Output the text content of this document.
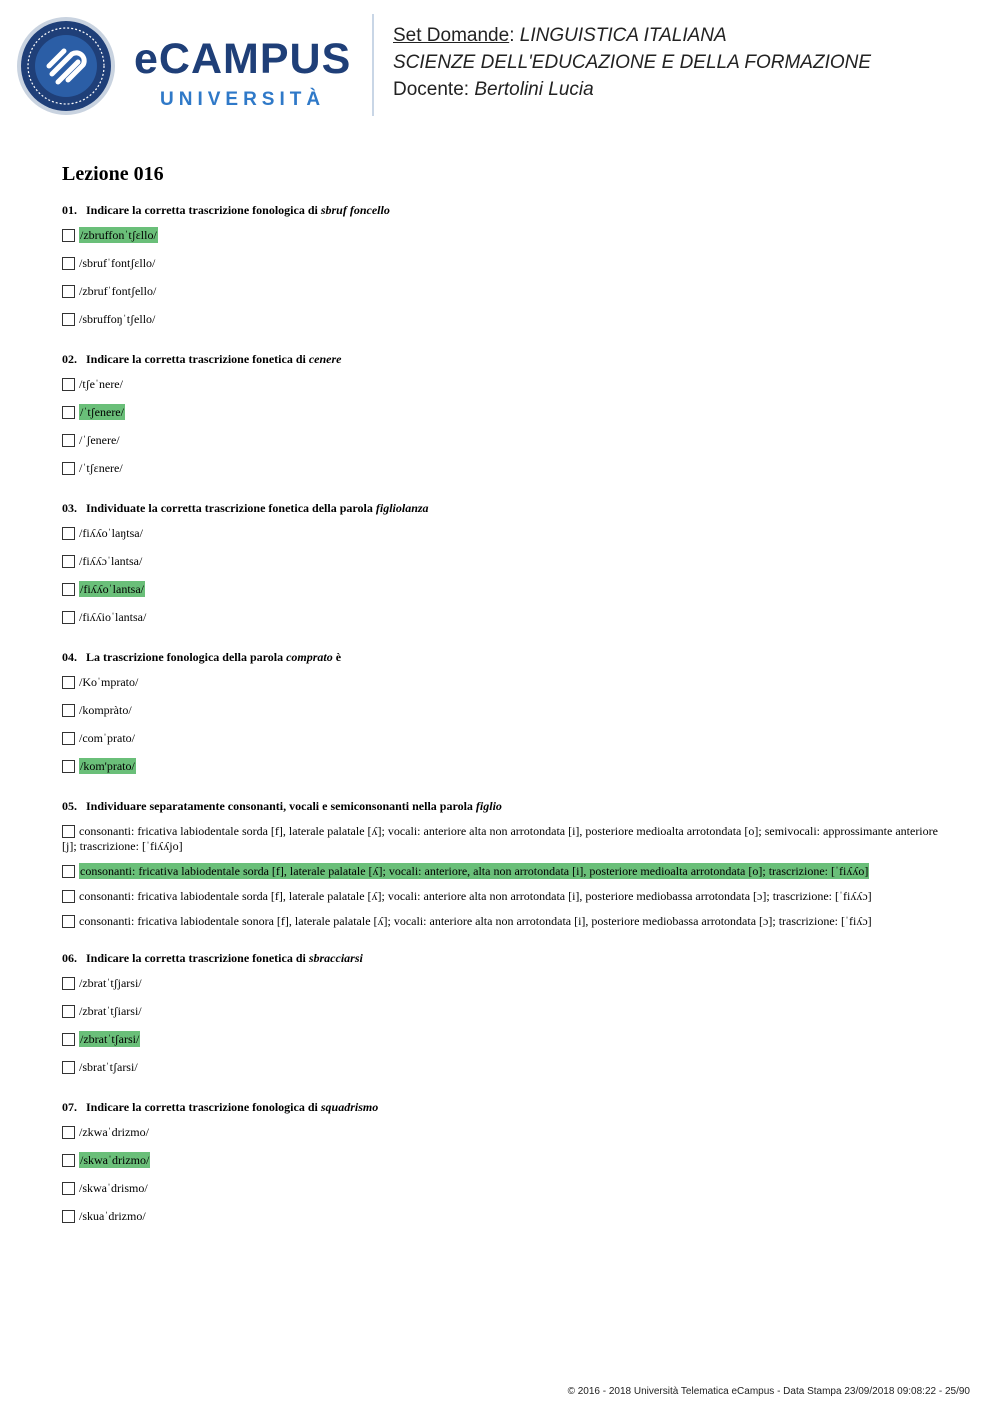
eCAMPUS
UNIVERSITÀ
Set Domande: LINGUISTICA ITALIANA
SCIENZE DELL'EDUCAZIONE E DELLA FORMAZIONE
Docente: Bertolini Lucia
Lezione 016
01. Indicare la corretta trascrizione fonologica di sbruf foncello
/zbruffonˈtʃɛllo/
/sbrufˈfontʃɛllo/
/zbrufˈfontʃello/
/sbruffoŋˈtʃello/
02. Indicare la corretta trascrizione fonetica di cenere
/tʃeˈnere/
/ˈtʃenere/
/ˈʃenere/
/ˈtʃɛnere/
03. Individuate la corretta trascrizione fonetica della parola figliolanza
/fiʎʎoˈlaŋtsa/
/fiʎʎɔˈlantsa/
/fiʎʎoˈlantsa/
/fiʎʎioˈlantsa/
04. La trascrizione fonologica della parola comprato è
/Koˈmprato/
/kompràto/
/comˈprato/
/kom'prato/
05. Individuare separatamente consonanti, vocali e semiconsonanti nella parola figlio
consonanti: fricativa labiodentale sorda [f], laterale palatale [ʎ]; vocali: anteriore alta non arrotondata [i], posteriore medioalta arrotondata [o]; semivocali: approssimante anteriore [j]; trascrizione: [ˈfiʎʎjo]
consonanti: fricativa labiodentale sorda [f], laterale palatale [ʎ]; vocali: anteriore, alta non arrotondata [i], posteriore medioalta arrotondata [o]; trascrizione: [ˈfiʎʎo]
consonanti: fricativa labiodentale sorda [f], laterale palatale [ʎ]; vocali: anteriore alta non arrotondata [i], posteriore mediobassa arrotondata [ɔ]; trascrizione: [ˈfiʎʎɔ]
consonanti: fricativa labiodentale sonora [f], laterale palatale [ʎ]; vocali: anteriore alta non arrotondata [i], posteriore mediobassa arrotondata [ɔ]; trascrizione: [ˈfiʎɔ]
06. Indicare la corretta trascrizione fonetica di sbracciarsi
/zbratˈtʃjarsi/
/zbratˈtʃiarsi/
/zbratˈtʃarsi/
/sbratˈtʃarsi/
07. Indicare la corretta trascrizione fonologica di squadrismo
/zkwaˈdrizmo/
/skwaˈdrizmo/
/skwaˈdrismo/
/skuaˈdrizmo/
© 2016 - 2018 Università Telematica eCampus - Data Stampa 23/09/2018 09:08:22 - 25/90
